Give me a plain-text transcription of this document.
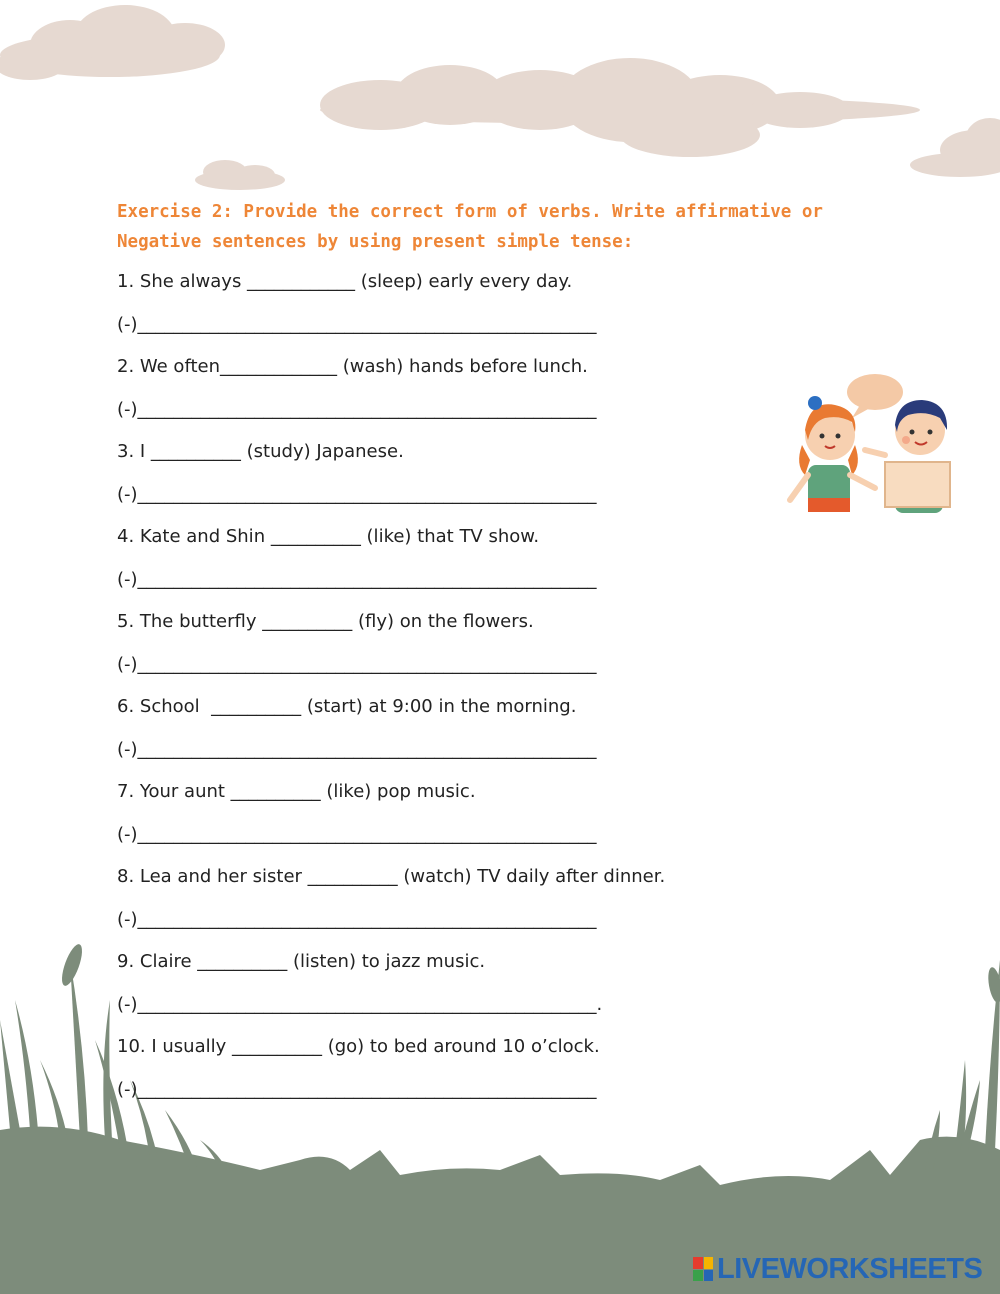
Exercise 2: Provide the correct form of verbs. Write affirmative or Negative sentences by using present simple tense:
1. She always ____________ (sleep) early every day.
(-)___________________________________________________
2. We often_____________ (wash) hands before lunch.
(-)___________________________________________________
3. I __________ (study) Japanese.
(-)___________________________________________________
4. Kate and Shin __________ (like) that TV show.
(-)___________________________________________________
5. The butterfly __________ (fly) on the flowers.
(-)___________________________________________________
6. School  __________ (start) at 9:00 in the morning.
(-)___________________________________________________
7. Your aunt __________ (like) pop music.
(-)___________________________________________________
8. Lea and her sister __________ (watch) TV daily after dinner.
(-)___________________________________________________
9. Claire __________ (listen) to jazz music.
(-)___________________________________________________.
10. I usually __________ (go) to bed around 10 o’clock.
(-)___________________________________________________
LIVEWORKSHEETS
